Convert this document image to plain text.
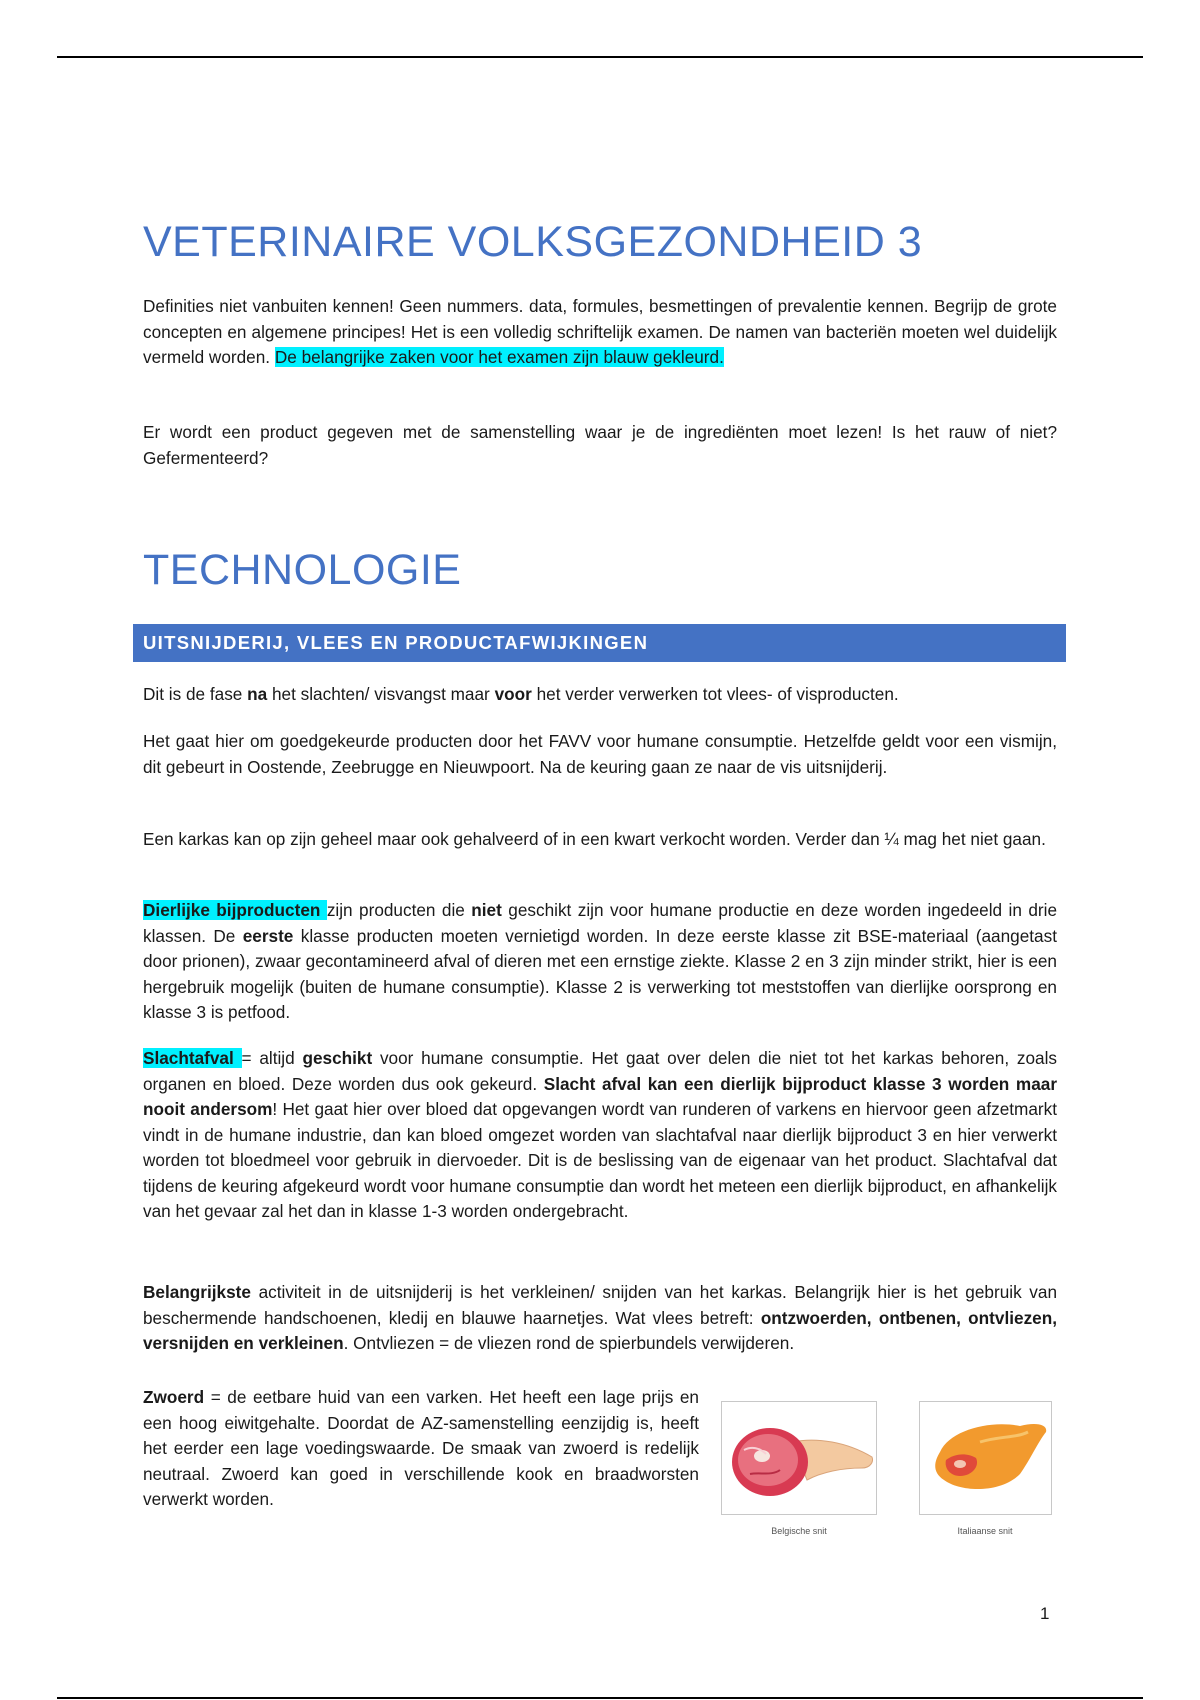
VETERINAIRE VOLKSGEZONDHEID 3

Definities niet vanbuiten kennen! Geen nummers. data, formules, besmettingen of prevalentie kennen. Begrijp de grote concepten en algemene principes! Het is een volledig schriftelijk examen. De namen van bacteriën moeten wel duidelijk vermeld worden. De belangrijke zaken voor het examen zijn blauw gekleurd.

Er wordt een product gegeven met de samenstelling waar je de ingrediënten moet lezen! Is het rauw of niet? Gefermenteerd?

TECHNOLOGIE
UITSNIJDERIJ, VLEES EN PRODUCTAFWIJKINGEN

Dit is de fase na het slachten/ visvangst maar voor het verder verwerken tot vlees- of visproducten.

Het gaat hier om goedgekeurde producten door het FAVV voor humane consumptie. Hetzelfde geldt voor een vismijn, dit gebeurt in Oostende, Zeebrugge en Nieuwpoort. Na de keuring gaan ze naar de vis uitsnijderij.

Een karkas kan op zijn geheel maar ook gehalveerd of in een kwart verkocht worden. Verder dan ¼ mag het niet gaan.

Dierlijke bijproducten zijn producten die niet geschikt zijn voor humane productie en deze worden ingedeeld in drie klassen. De eerste klasse producten moeten vernietigd worden. In deze eerste klasse zit BSE-materiaal (aangetast door prionen), zwaar gecontamineerd afval of dieren met een ernstige ziekte. Klasse 2 en 3 zijn minder strikt, hier is een hergebruik mogelijk (buiten de humane consumptie). Klasse 2 is verwerking tot meststoffen van dierlijke oorsprong en klasse 3 is petfood.

Slachtafval = altijd geschikt voor humane consumptie. Het gaat over delen die niet tot het karkas behoren, zoals organen en bloed. Deze worden dus ook gekeurd. Slacht afval kan een dierlijk bijproduct klasse 3 worden maar nooit andersom! Het gaat hier over bloed dat opgevangen wordt van runderen of varkens en hiervoor geen afzetmarkt vindt in de humane industrie, dan kan bloed omgezet worden van slachtafval naar dierlijk bijproduct 3 en hier verwerkt worden tot bloedmeel voor gebruik in diervoeder. Dit is de beslissing van de eigenaar van het product. Slachtafval dat tijdens de keuring afgekeurd wordt voor humane consumptie dan wordt het meteen een dierlijk bijproduct, en afhankelijk van het gevaar zal het dan in klasse 1-3 worden ondergebracht.

Belangrijkste activiteit in de uitsnijderij is het verkleinen/ snijden van het karkas. Belangrijk hier is het gebruik van beschermende handschoenen, kledij en blauwe haarnetjes. Wat vlees betreft: ontzwoerden, ontbenen, ontvliezen, versnijden en verkleinen. Ontvliezen = de vliezen rond de spierbundels verwijderen.

Zwoerd = de eetbare huid van een varken. Het heeft een lage prijs en een hoog eiwitgehalte. Doordat de AZ-samenstelling eenzijdig is, heeft het eerder een lage voedingswaarde. De smaak van zwoerd is redelijk neutraal. Zwoerd kan goed in verschillende kook en braadworsten verwerkt worden.

Belgische snit	Italiaanse snit
1
